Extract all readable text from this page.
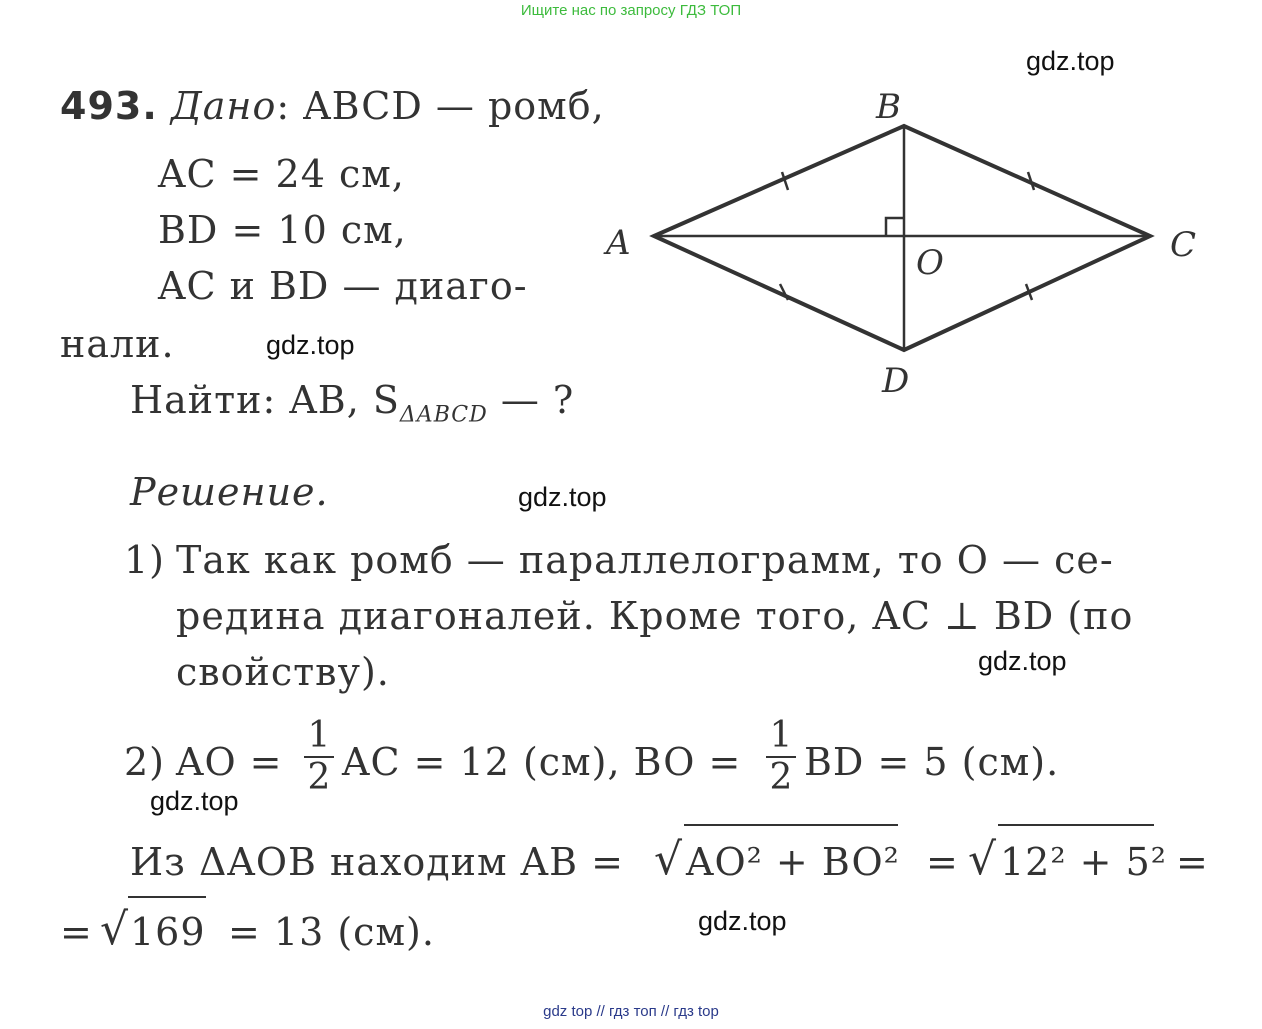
Ищите нас по запросу ГДЗ ТОП
gdz.top
gdz.top
gdz.top
gdz.top
gdz.top
gdz.top
493. Дано: ABCD — ромб,
AC = 24 см,
BD = 10 см,
AC и BD — диаго-
нали.
Найти: AB, $S_{\Delta ABCD}$ — ?
A
B
C
D
O
Решение.
1) Так как ромб — параллелограмм, то O — се-
редина диагоналей. Кроме того, AC ⊥ BD (по
свойству).
2) AO =
1
2 AC = 12 (см), BO =
1
2 BD = 5 (см).
Из ΔAOB находим AB = √ AO² + BO² = √ 12² + 5² =
= √ 169 = 13 (см).
gdz top // гдз топ // гдз top
